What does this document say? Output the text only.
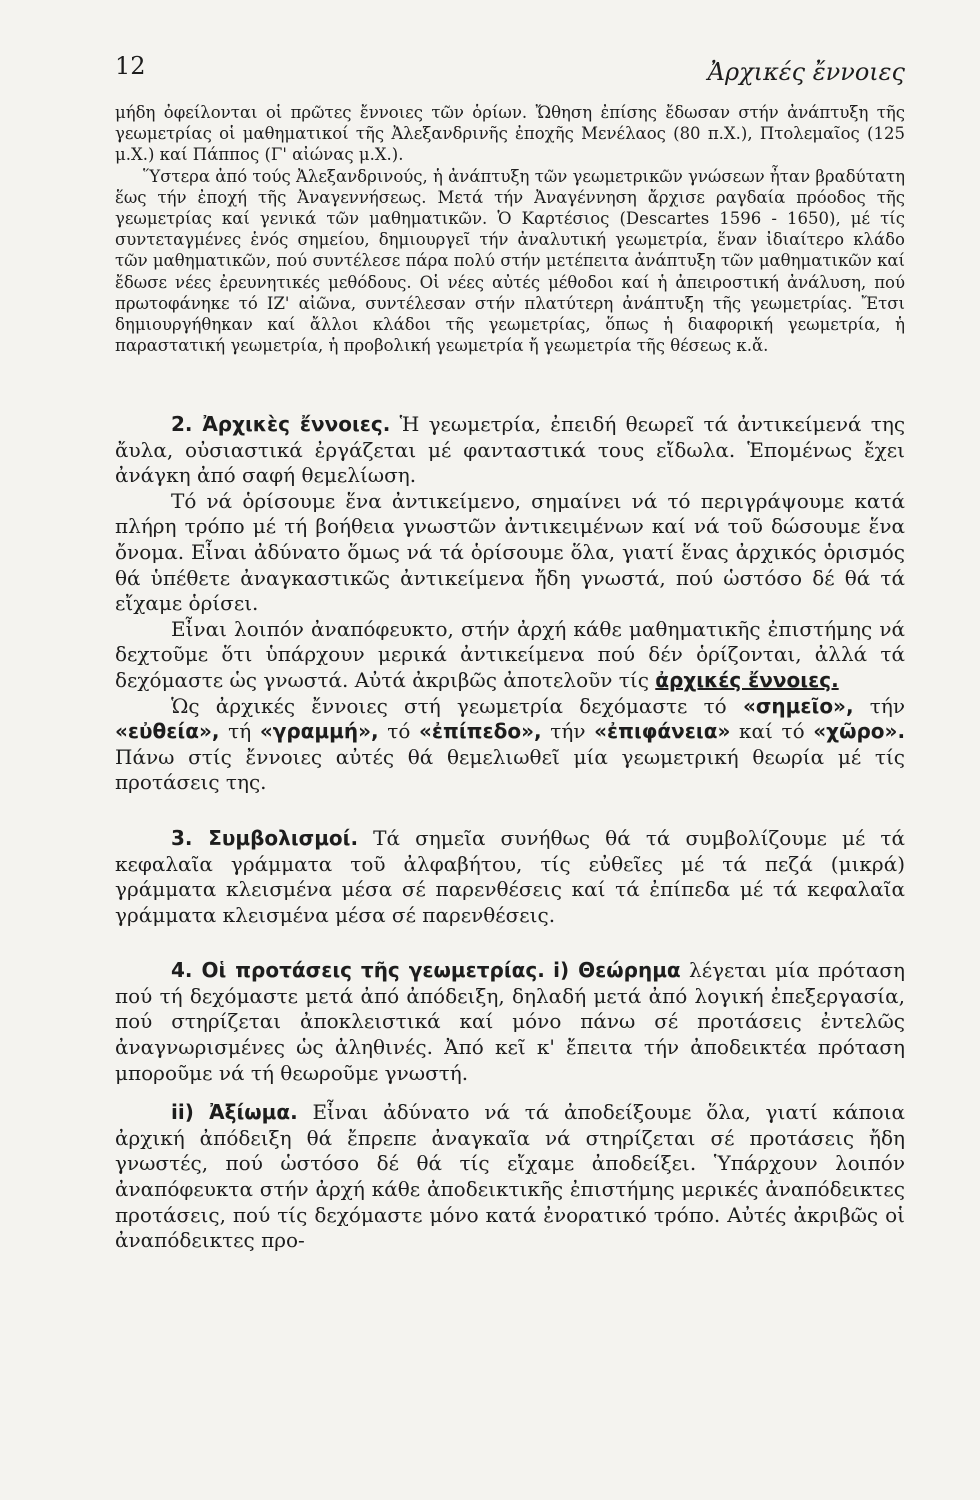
12	Ἀρχικές ἔννοιες

μήδη ὀφείλονται οἱ πρῶτες ἔννοιες τῶν ὁρίων. Ὤθηση ἐπίσης ἔδωσαν στήν ἀνάπτυξη τῆς γεωμετρίας οἱ μαθηματικοί τῆς Ἀλεξανδρινῆς ἐποχῆς Μενέλαος (80 π.Χ.), Πτολεμαῖος (125 μ.Χ.) καί Πάππος (Γ' αἰώνας μ.Χ.).

Ὕστερα ἀπό τούς Ἀλεξανδρινούς, ἡ ἀνάπτυξη τῶν γεωμετρικῶν γνώσεων ἦταν βραδύτατη ἕως τήν ἐποχή τῆς Ἀναγεννήσεως. Μετά τήν Ἀναγέννηση ἄρχισε ραγδαία πρόοδος τῆς γεωμετρίας καί γενικά τῶν μαθηματικῶν. Ὁ Καρτέσιος (Descartes 1596 - 1650), μέ τίς συντεταγμένες ἑνός σημείου, δημιουργεῖ τήν ἀναλυτική γεωμετρία, ἕναν ἰδιαίτερο κλάδο τῶν μαθηματικῶν, πού συντέλεσε πάρα πολύ στήν μετέπειτα ἀνάπτυξη τῶν μαθηματικῶν καί ἔδωσε νέες ἐρευνητικές μεθόδους. Οἱ νέες αὐτές μέθοδοι καί ἡ ἀπειροστική ἀνάλυση, πού πρωτοφάνηκε τό ΙΖ' αἰῶνα, συντέλεσαν στήν πλατύτερη ἀνάπτυξη τῆς γεωμετρίας. Ἔτσι δημιουργήθηκαν καί ἄλλοι κλάδοι τῆς γεωμετρίας, ὅπως ἡ διαφορική γεωμετρία, ἡ παραστατική γεωμετρία, ἡ προβολική γεωμετρία ἤ γεωμετρία τῆς θέσεως κ.ἄ.

2. Ἀρχικὲς ἔννοιες. Ἡ γεωμετρία, ἐπειδή θεωρεῖ τά ἀντικείμενά της ἄυλα, οὐσιαστικά ἐργάζεται μέ φανταστικά τους εἴδωλα. Ἑπομένως ἔχει ἀνάγκη ἀπό σαφή θεμελίωση.

Τό νά ὁρίσουμε ἕνα ἀντικείμενο, σημαίνει νά τό περιγράψουμε κατά πλήρη τρόπο μέ τή βοήθεια γνωστῶν ἀντικειμένων καί νά τοῦ δώσουμε ἕνα ὄνομα. Εἶναι ἀδύνατο ὅμως νά τά ὁρίσουμε ὅλα, γιατί ἕνας ἀρχικός ὁρισμός θά ὑπέθετε ἀναγκαστικῶς ἀντικείμενα ἤδη γνωστά, πού ὡστόσο δέ θά τά εἴχαμε ὁρίσει.

Εἶναι λοιπόν ἀναπόφευκτο, στήν ἀρχή κάθε μαθηματικῆς ἐπιστήμης νά δεχτοῦμε ὅτι ὑπάρχουν μερικά ἀντικείμενα πού δέν ὁρίζονται, ἀλλά τά δεχόμαστε ὡς γνωστά. Αὐτά ἀκριβῶς ἀποτελοῦν τίς ἀρχικές ἔννοιες.

Ὡς ἀρχικές ἔννοιες στή γεωμετρία δεχόμαστε τό «σημεῖο», τήν «εὐθεία», τή «γραμμή», τό «ἐπίπεδο», τήν «ἐπιφάνεια» καί τό «χῶρο». Πάνω στίς ἔννοιες αὐτές θά θεμελιωθεῖ μία γεωμετρική θεωρία μέ τίς προτάσεις της.

3. Συμβολισμοί. Τά σημεῖα συνήθως θά τά συμβολίζουμε μέ τά κεφαλαῖα γράμματα τοῦ ἀλφαβήτου, τίς εὐθεῖες μέ τά πεζά (μικρά) γράμματα κλεισμένα μέσα σέ παρενθέσεις καί τά ἐπίπεδα μέ τά κεφαλαῖα γράμματα κλεισμένα μέσα σέ παρενθέσεις.

4. Οἱ προτάσεις τῆς γεωμετρίας. i) Θεώρημα λέγεται μία πρόταση πού τή δεχόμαστε μετά ἀπό ἀπόδειξη, δηλαδή μετά ἀπό λογική ἐπεξεργασία, πού στηρίζεται ἀποκλειστικά καί μόνο πάνω σέ προτάσεις ἐντελῶς ἀναγνωρισμένες ὡς ἀληθινές. Ἀπό κεῖ κ' ἔπειτα τήν ἀποδεικτέα πρόταση μποροῦμε νά τή θεωροῦμε γνωστή.

ii) Ἀξίωμα. Εἶναι ἀδύνατο νά τά ἀποδείξουμε ὅλα, γιατί κάποια ἀρχική ἀπόδειξη θά ἔπρεπε ἀναγκαῖα νά στηρίζεται σέ προτάσεις ἤδη γνωστές, πού ὡστόσο δέ θά τίς εἴχαμε ἀποδείξει. Ὑπάρχουν λοιπόν ἀναπόφευκτα στήν ἀρχή κάθε ἀποδεικτικῆς ἐπιστήμης μερικές ἀναπόδεικτες προτάσεις, πού τίς δεχόμαστε μόνο κατά ἐνορατικό τρόπο. Αὐτές ἀκριβῶς οἱ ἀναπόδεικτες προ-
